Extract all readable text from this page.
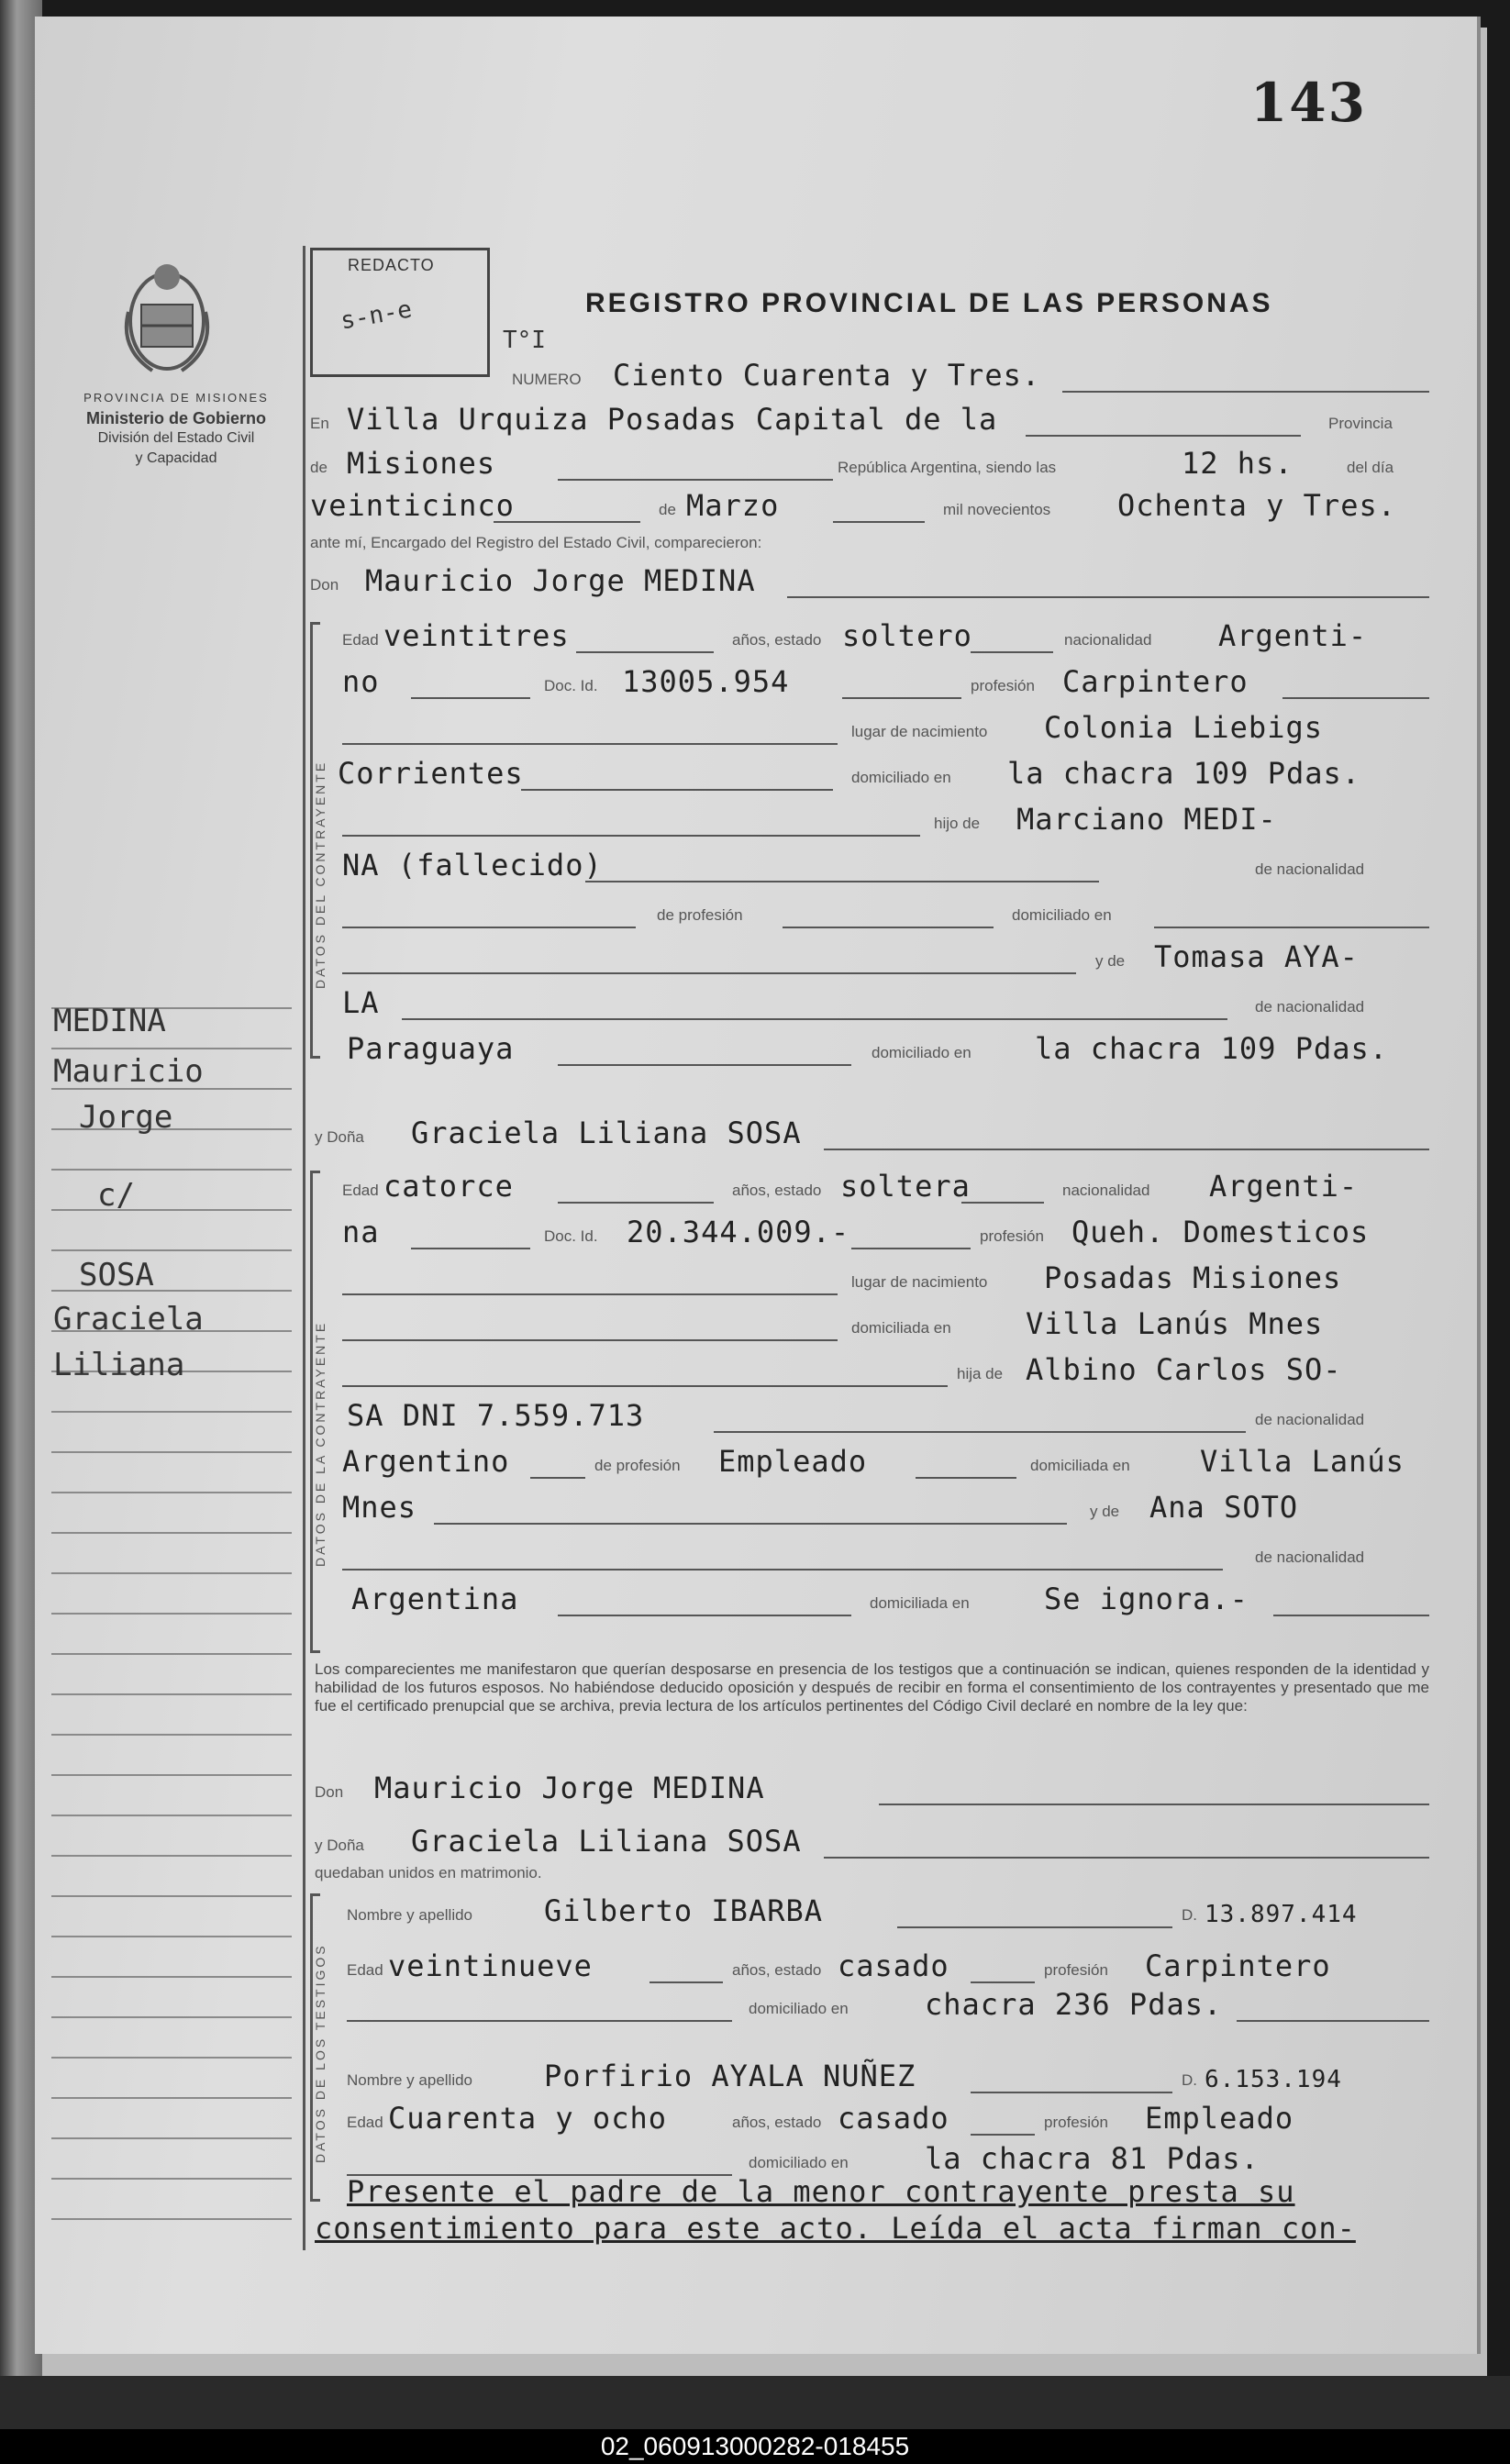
143
PROVINCIA DE MISIONES
Ministerio de Gobierno
División del Estado Civil
y Capacidad
MEDINA
Mauricio
Jorge
c/
SOSA
Graciela
Liliana
REDACTO
s-n-e	REGISTRO PROVINCIAL DE LAS PERSONAS
T°I
NUMERO Ciento Cuarenta y Tres.
En Villa Urquiza Posadas Capital de la	Provincia
de Misiones	República Argentina, siendo las	12 hs.	del día
veinticinco	de Marzo	mil novecientos Ochenta y Tres.
ante mí, Encargado del Registro del Estado Civil, comparecieron:
Don Mauricio Jorge MEDINA
DATOS DEL CONTRAYENTE
Edad veintitres	años, estado soltero	nacionalidad Argenti-
no	Doc. Id. 13005.954	profesión Carpintero
lugar de nacimiento Colonia Liebigs
Corrientes	domiciliado en la chacra 109 Pdas.
hijo de Marciano MEDI-
NA (fallecido)	de nacionalidad
de profesión	domiciliado en
y de Tomasa AYA-
LA	de nacionalidad
Paraguaya	domiciliado en la chacra 109 Pdas.
y Doña Graciela Liliana SOSA
DATOS DE LA CONTRAYENTE
Edad catorce	años, estado soltera	nacionalidad Argenti-
na	Doc. Id. 20.344.009.-	profesión Queh. Domesticos
lugar de nacimiento Posadas Misiones
domiciliada en	Villa Lanús Mnes
hija de Albino Carlos SO-
SA DNI 7.559.713	de nacionalidad
Argentino	de profesión Empleado	domiciliada en Villa Lanús
Mnes	y de Ana SOTO
de nacionalidad
Argentina	domiciliada en	Se ignora.-
Los comparecientes me manifestaron que querían desposarse en presencia de los testigos que a continuación se indican, quienes responden de la identidad y habilidad de los futuros esposos. No habiéndose deducido oposición y después de recibir en forma el consentimiento de los contrayentes y presentado que me fue el certificado prenupcial que se archiva, previa lectura de los artículos pertinentes del Código Civil declaré en nombre de la ley que:
Don Mauricio Jorge MEDINA
y Doña Graciela Liliana SOSA
quedaban unidos en matrimonio.
DATOS DE LOS TESTIGOS
Nombre y apellido Gilberto IBARBA	D. 13.897.414
Edad veintinueve	años, estado casado	profesión Carpintero
domiciliado en	chacra 236 Pdas.
Nombre y apellido Porfirio AYALA NUÑEZ	D. 6.153.194
Edad Cuarenta y ocho	años, estado casado	profesión Empleado
domiciliado en	la chacra 81 Pdas.
Presente el padre de la menor contrayente presta su
consentimiento para este acto. Leída el acta firman con-
02_060913000282-018455
